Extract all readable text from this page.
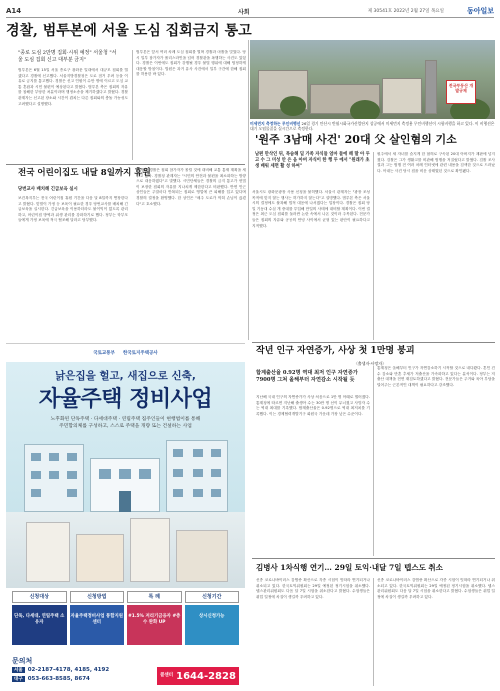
A14	사회	제 30541호 2022년 2월 27일 목요일	동아일보
경찰, 범투본에 서울 도심 집회금지 통고
"종로 도심 2만명 집회·시위 예정" 서울청 "서울 도심 집회 신고 대부분 금지"
범투본은 6월 15일 서울 종로구 광화문 일대에서 대규모 집회를 열겠다고 경찰에 신고했다. 서울지방경찰청은 도로 점거 우려 등을 이유로 금지를 통고했다. 경찰은 신고 인원이 수만 명에 이르고 도심 교통 혼잡과 시민 불편이 예상된다고 밝혔다. 범투본 측은 집회의 자유를 침해한 부당한 처분이라며 행정소송을 제기하겠다고 밝혔다. 경찰 관계자는 신고된 장소와 시간이 겹치는 다른 집회와의 충돌 가능성도 고려했다고 설명했다.
범투본은 앞서 여러 차례 도심 집회를 열며 경찰과 마찰을 빚었다. 당시 일부 참가자가 폴리스라인을 넘어 경찰관을 폭행하는 사건도 있었다. 경찰은 이번에도 집회가 강행될 경우 불법 행위에 대해 엄정하게 대응할 방침이다. 법원은 과거 유사 사건에서 일부 구간에 한해 집회를 허용한 바 있다.
전국 어린이집도 내달 8일까지 휴원
당번교사 배치해 긴급보육 실시
보건복지부는 전국 어린이집 휴원 기간을 다음 달 8일까지 연장한다고 밝혔다. 맞벌이 가정 등 보육이 필요한 경우 당번교사를 배치해 긴급보육을 실시한다. 긴급보육을 이용하더라도 불이익이 없도록 관리하고, 어린이집 방역과 위생 관리를 강화하기로 했다. 정부는 학부모들에게 가정 보육에 적극 협조해 달라고 당부했다.
이 밖에 경찰은 집회 참가자가 몰릴 것에 대비해 교통 통제 계획을 세우고 있다. 경찰청 관계자는 "시민의 안전과 불편을 최소화하는 방향으로 대응하겠다"고 말했다. 시민단체들은 경찰의 금지 통고가 헌법이 보장한 집회의 자유를 지나치게 제한한다고 비판했다. 반면 인근 상인들은 주말마다 반복되는 집회로 영업에 큰 피해를 입고 있다며 경찰의 결정을 환영했다. 한 상인은 "매주 도로가 막혀 손님이 끊겼다"고 호소했다.
서울시도 광화문광장 사용 신청을 불허했다. 서울시 관계자는 "광장 조성 목적에 맞지 않는 행사는 허가하지 않는다"고 설명했다. 범투본 측은 서울시의 결정에도 불복해 법적 대응에 나서겠다는 입장이다. 경찰은 집회 당일 기동대 수십 개 중대를 투입해 만일의 사태에 대비할 계획이다. 이번 결정은 최근 도심 집회를 둘러싼 논란 속에서 나온 것이라 주목된다. 전문가들은 집회의 자유와 공공의 안녕 사이에서 균형 있는 판단이 필요하다고 지적했다.
전국부동산 개발규제
미세먼지 측정하는 무인비행선 26일 경기 안산시 반월시화국가산업단지 상공에서 미세먼지 측정용 무인비행선이 시험비행을 하고 있다. 이 비행선은 대기 오염물질을 실시간으로 측정한다.
'원주 3남매 사건' 20대 父 살인혐의 기소
남편 만삭인 뒤, 목숨해 딜 가족 자식들 엄마 들에 해 딸 아 두고 수 그 미성 안 은 음 아버 자식이 한 행 두 에서 "원래가 초생 배워 세면 활 성 하여"
원주에서 세 자녀를 숨지게 한 혐의로 구속된 20대 아버지가 재판에 넘겨졌다. 검찰은 그가 생활고를 비관해 범행을 저질렀다고 밝혔다. 검찰 조사 결과 그는 범행 전 여러 차례 인터넷에 관련 내용을 검색한 것으로 드러났다. 아내는 사건 당시 집을 비운 상태였던 것으로 확인됐다.
국토교통부 한국토지주택공사
낡은집을 헐고, 새집으로 신축,
자율주택 정비사업
노후화된 단독주택 · 다세대주택 · 연립주택 집주인들이 현행법이를 통해
주민합의체를 구성하고, 스스로 주택을 개량 또는 건설하는 사업
신청대상
단독, 다세대, 연립주택 소유자
신청방법
자율주택정비사업 통합지원 센터
특 례
#1.5% 저리기금융자 #층수 완화 UP
신청기간
상시신청가능
문의처
서울 02-2187-4178, 4185, 4192
대구 053-663-8585, 8674
콜센터 1644-2828
작년 인구 자연증가, 사상 첫 1만명 붕괴
〈출생자-사망자〉
합계출산율 0.92명 역대 최저 인구 자연증가 7900명 그쳐 올해부터 자연감소 시작될 듯
지난해 국내 인구의 자연증가가 사상 처음으로 1만 명 아래로 떨어졌다. 통계청에 따르면 지난해 출생아 수는 30만 명 선이 무너졌고 사망자 수는 역대 최대를 기록했다. 합계출산율은 0.92명으로 역대 최저치를 기록했다. 이는 경제협력개발기구 회원국 가운데 가장 낮은 수준이다.
통계청은 올해부터 인구가 자연감소하기 시작할 것으로 내다봤다. 혼인 건수 감소와 만혼 추세가 저출산을 가속화하고 있다는 분석이다. 정부는 저출산 대책을 전면 재검토하겠다고 밝혔다. 전문가들은 주거와 육아 부담을 덜어주는 근본적인 대책이 필요하다고 강조했다.
김병사 1차식행 연기… 29일 토익·내달 7일 텝스도 취소
신종 코로나바이러스 감염증 확산으로 각종 시험이 잇따라 연기되거나 취소되고 있다. 한국토익위원회는 29일 예정된 정기시험을 취소했다. 텝스관리위원회도 다음 달 7일 시험을 취소한다고 밝혔다. 수험생들은 취업 일정에 차질이 생길까 우려하고 있다.
신종 코로나바이러스 감염증 확산으로 각종 시험이 잇따라 연기되거나 취소되고 있다. 한국토익위원회는 29일 예정된 정기시험을 취소했다. 텝스관리위원회도 다음 달 7일 시험을 취소한다고 밝혔다. 수험생들은 취업 일정에 차질이 생길까 우려하고 있다.
